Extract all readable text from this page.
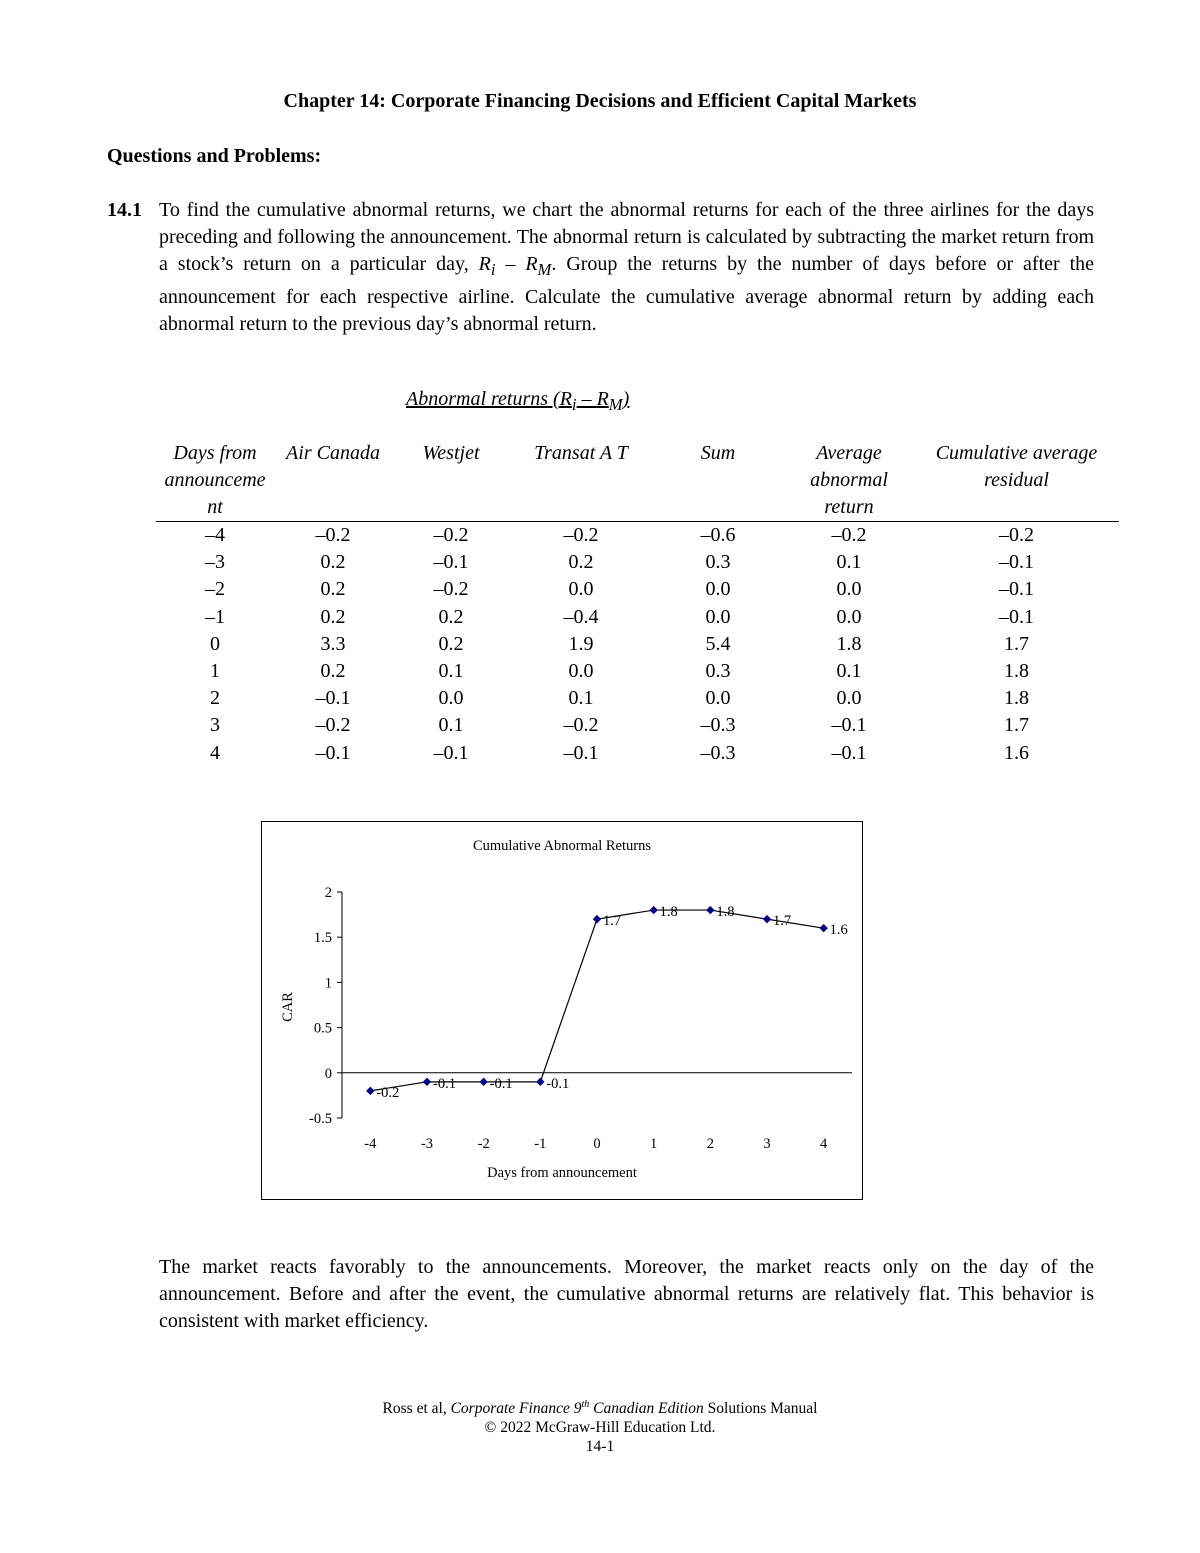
Chapter 14: Corporate Financing Decisions and Efficient Capital Markets
Questions and Problems:
14.1 To find the cumulative abnormal returns, we chart the abnormal returns for each of the three airlines for the days preceding and following the announcement. The abnormal return is calculated by subtracting the market return from a stock’s return on a particular day, $R_i - R_M$. Group the returns by the number of days before or after the announcement for each respective airline. Calculate the cumulative average abnormal return by adding each abnormal return to the previous day’s abnormal return.
Abnormal returns $(R_i - R_M)$
Days from announceme nt	Air Canada	Westjet	Transat A T	Sum	Average abnormal return	Cumulative average residual
–4	–0.2	–0.2	–0.2	–0.6	–0.2	–0.2
–3	0.2	–0.1	0.2	0.3	0.1	–0.1
–2	0.2	–0.2	0.0	0.0	0.0	–0.1
–1	0.2	0.2	–0.4	0.0	0.0	–0.1
0	3.3	0.2	1.9	5.4	1.8	1.7
1	0.2	0.1	0.0	0.3	0.1	1.8
2	–0.1	0.0	0.1	0.0	0.0	1.8
3	–0.2	0.1	–0.2	–0.3	–0.1	1.7
4	–0.1	–0.1	–0.1	–0.3	–0.1	1.6
Cumulative Abnormal Returns
-0.5
0
0.5
1
1.5
2
-4	-3	-2	-1	0	1	2	3	4
CAR
Days from announcement
-0.2
-0.1 -0.1 -0.1
1.7
1.8	1.8
1.7
1.6
The market reacts favorably to the announcements. Moreover, the market reacts only on the day of the announcement. Before and after the event, the cumulative abnormal returns are relatively flat. This behavior is consistent with market efficiency.
Ross et al, Corporate Finance 9th Canadian Edition Solutions Manual
© 2022 McGraw-Hill Education Ltd.
14-1
